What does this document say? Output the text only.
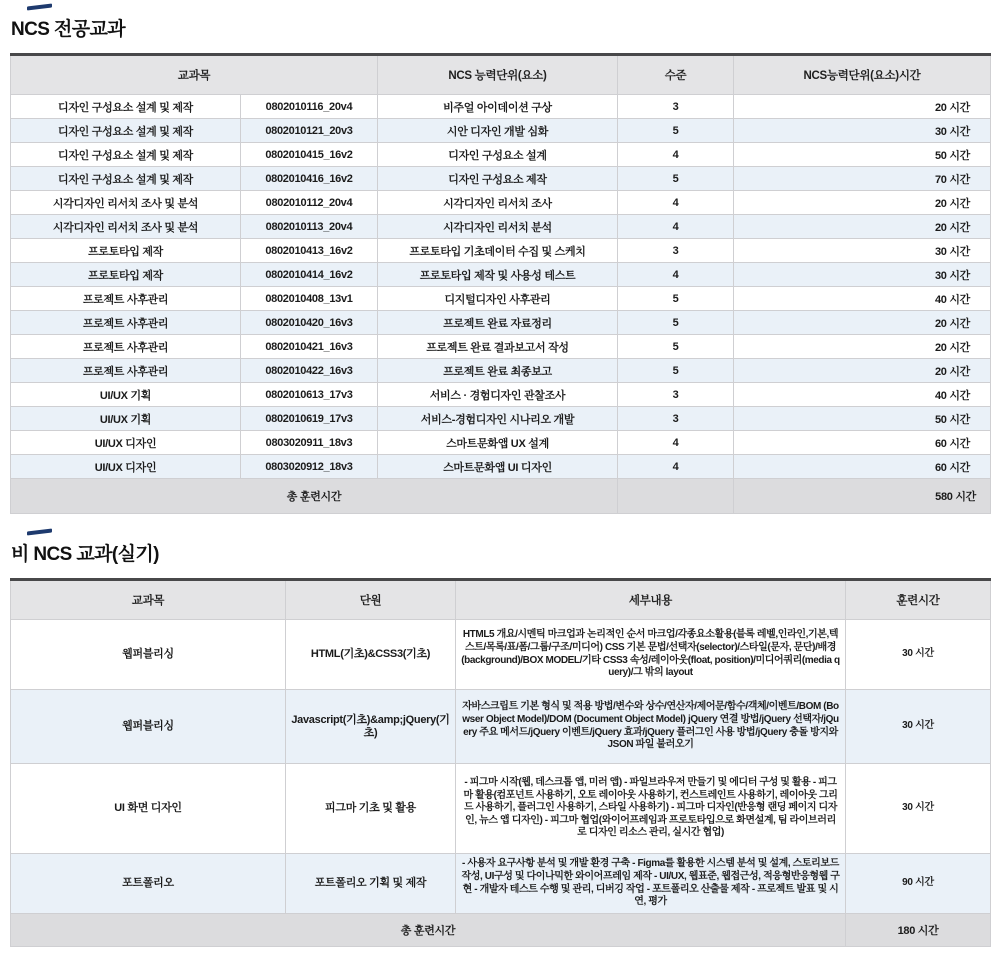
NCS 전공교과
교과목		NCS 능력단위(요소)	수준	NCS능력단위(요소)시간
디자인 구성요소 설계 및 제작	0802010116_20v4	비주얼 아이데이션 구상	3	20 시간
디자인 구성요소 설계 및 제작	0802010121_20v3	시안 디자인 개발 심화	5	30 시간
디자인 구성요소 설계 및 제작	0802010415_16v2	디자인 구성요소 설계	4	50 시간
디자인 구성요소 설계 및 제작	0802010416_16v2	디자인 구성요소 제작	5	70 시간
시각디자인 리서치 조사 및 분석	0802010112_20v4	시각디자인 리서치 조사	4	20 시간
시각디자인 리서치 조사 및 분석	0802010113_20v4	시각디자인 리서치 분석	4	20 시간
프로토타입 제작	0802010413_16v2	프로토타입 기초데이터 수집 및 스케치	3	30 시간
프로토타입 제작	0802010414_16v2	프로토타입 제작 및 사용성 테스트	4	30 시간
프로젝트 사후관리	0802010408_13v1	디지털디자인 사후관리	5	40 시간
프로젝트 사후관리	0802010420_16v3	프로젝트 완료 자료정리	5	20 시간
프로젝트 사후관리	0802010421_16v3	프로젝트 완료 결과보고서 작성	5	20 시간
프로젝트 사후관리	0802010422_16v3	프로젝트 완료 최종보고	5	20 시간
UI/UX 기획	0802010613_17v3	서비스 · 경험디자인 관찰조사	3	40 시간
UI/UX 기획	0802010619_17v3	서비스-경험디자인 시나리오 개발	3	50 시간
UI/UX 디자인	0803020911_18v3	스마트문화앱 UX 설계	4	60 시간
UI/UX 디자인	0803020912_18v3	스마트문화앱 UI 디자인	4	60 시간
총 훈련시간				580 시간
비 NCS 교과(실기)
교과목	단원	세부내용	훈련시간
웹퍼블리싱	HTML(기초)&CSS3(기초)	HTML5 개요/시멘틱 마크업과 논리적인 순서 마크업/각종요소활용(블록 레벨,인라인,기본,텍스트/목록/표/폼/그룹/구조/미디어) CSS 기본 문법/선택자(selector)/스타일(문자, 문단)/배경(background)/BOX MODEL/기타 CSS3 속성/레이아웃(float, position)/미디어쿼리(media query)/그 밖의 layout	30 시간
웹퍼블리싱	Javascript(기초)&amp;jQuery(기초)	자바스크립트 기본 형식 및 적용 방법/변수와 상수/연산자/제어문/함수/객체/이벤트/BOM (Bowser Object Model)/DOM (Document Object Model) jQuery 연결 방법/jQuery 선택자/jQuery 주요 메서드/jQuery 이벤트/jQuery 효과/jQuery 플러그인 사용 방법/jQuery 충돌 방지와 JSON 파일 불러오기	30 시간
UI 화면 디자인	피그마 기초 및 활용	- 피그마 시작(웹, 데스크톱 앱, 미러 앱) - 파일브라우저 만들기 및 에디터 구성 및 활용 - 피그마 활용(컴포넌트 사용하기, 오토 레이아웃 사용하기, 컨스트레인트 사용하기, 레이아웃 그리드 사용하기, 플러그인 사용하기, 스타일 사용하기) - 피그마 디자인(반응형 랜딩 페이지 디자인, 뉴스 앱 디자인) - 피그마 협업(와이어프레임과 프로토타입으로 화면설계, 팀 라이브러리로 디자인 리소스 관리, 실시간 협업)	30 시간
포트폴리오	포트폴리오 기획 및 제작	- 사용자 요구사항 분석 및 개발 환경 구축 - Figma를 활용한 시스템 분석 및 설계, 스토리보드 작성, UI구성 및 다이나믹한 와이어프레임 제작 - UI/UX, 웹표준, 웹접근성, 적응형반응형웹 구현 - 개발자 테스트 수행 및 관리, 디버깅 작업 - 포트폴리오 산출물 제작 - 프로젝트 발표 및 시연, 평가	90 시간
총 훈련시간			180 시간
